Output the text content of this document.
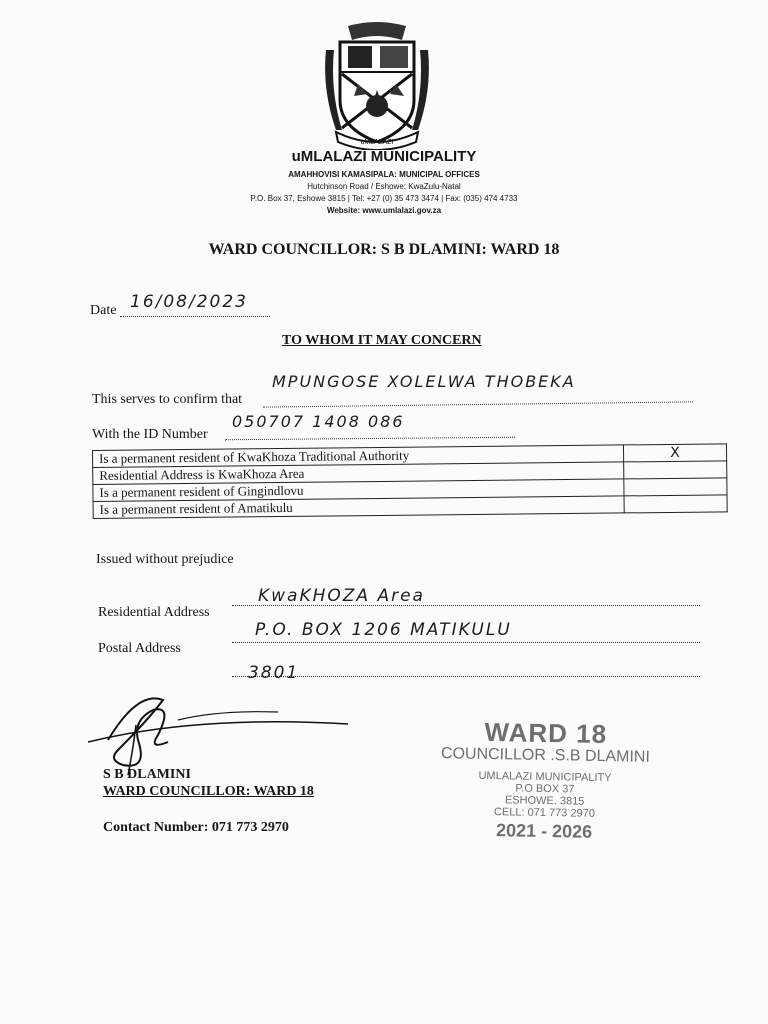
uMLALAZI
uMLALAZI MUNICIPALITY
AMAHHOVISI KAMASIPALA: MUNICIPAL OFFICES
Hutchinson Road / Eshowe: KwaZulu-Natal
P.O. Box 37, Eshowe 3815 | Tel: +27 (0) 35 473 3474 | Fax: (035) 474 4733
Website: www.umlalazi.gov.za
WARD COUNCILLOR: S B DLAMINI: WARD 18
Date 16/08/2023
TO WHOM IT MAY CONCERN
This serves to confirm that
MPUNGOSE XOLELWA THOBEKA
With the ID Number
050707 1408 086
Is a permanent resident of KwaKhoza Traditional Authority	X
Residential Address is KwaKhoza Area	
Is a permanent resident of Gingindlovu	
Is a permanent resident of Amatikulu	
Issued without prejudice
Residential Address
KwaKHOZA Area
Postal Address
P.O. BOX 1206 MATIKULU
3801
S B DLAMINI
WARD COUNCILLOR: WARD 18
Contact Number: 071 773 2970
WARD 18
COUNCILLOR .S.B DLAMINI
UMLALAZI MUNICIPALITY
P.O BOX 37
ESHOWE. 3815
CELL: 071 773 2970
2021 - 2026
